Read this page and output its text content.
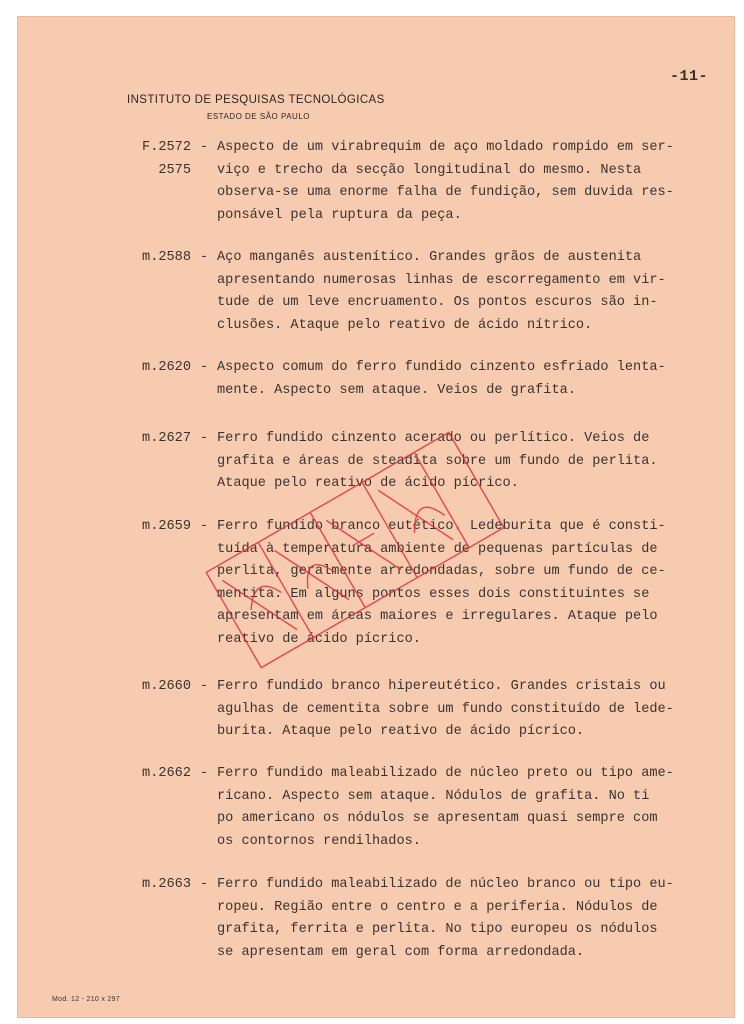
-11-
INSTITUTO DE PESQUISAS TECNOLÓGICAS
ESTADO DE SÃO PAULO
F.2572
2575
- Aspecto de um virabrequim de aço moldado rompido em ser-
viço e trecho da secção longitudinal do mesmo. Nesta
observa-se uma enorme falha de fundição, sem duvida res-
ponsável pela ruptura da peça.
m.2588 - Aço manganês austenítico. Grandes grãos de austenita
apresentando numerosas linhas de escorregamento em vir-
tude de um leve encruamento. Os pontos escuros são in-
clusões. Ataque pelo reativo de ácido nítrico.
m.2620 - Aspecto comum do ferro fundido cinzento esfriado lenta-
mente. Aspecto sem ataque. Veios de grafita.
m.2627 - Ferro fundido cinzento acerado ou perlítico. Veios de
grafita e áreas de steadita sobre um fundo de perlita.
Ataque pelo reativo de ácido pícrico.
m.2659 - Ferro fundido branco eutético. Ledeburita que é consti-
tuída à temperatura ambiente de pequenas partículas de
perlita, geralmente arredondadas, sobre um fundo de ce-
mentita. Em alguns pontos esses dois constituintes se
apresentam em áreas maiores e irregulares. Ataque pelo
reativo de ácido pícrico.
m.2660 - Ferro fundido branco hipereutético. Grandes cristais ou
agulhas de cementita sobre um fundo constituído de lede-
burita. Ataque pelo reativo de ácido pícrico.
m.2662 - Ferro fundido maleabilizado de núcleo preto ou tipo ame-
ricano. Aspecto sem ataque. Nódulos de grafita. No ti
po americano os nódulos se apresentam quasi sempre com
os contornos rendilhados.
m.2663 - Ferro fundido maleabilizado de núcleo branco ou tipo eu-
ropeu. Região entre o centro e a periferia. Nódulos de
grafita, ferrita e perlita. No tipo europeu os nódulos
se apresentam em geral com forma arredondada.
Mod. 12 - 210 x 297
